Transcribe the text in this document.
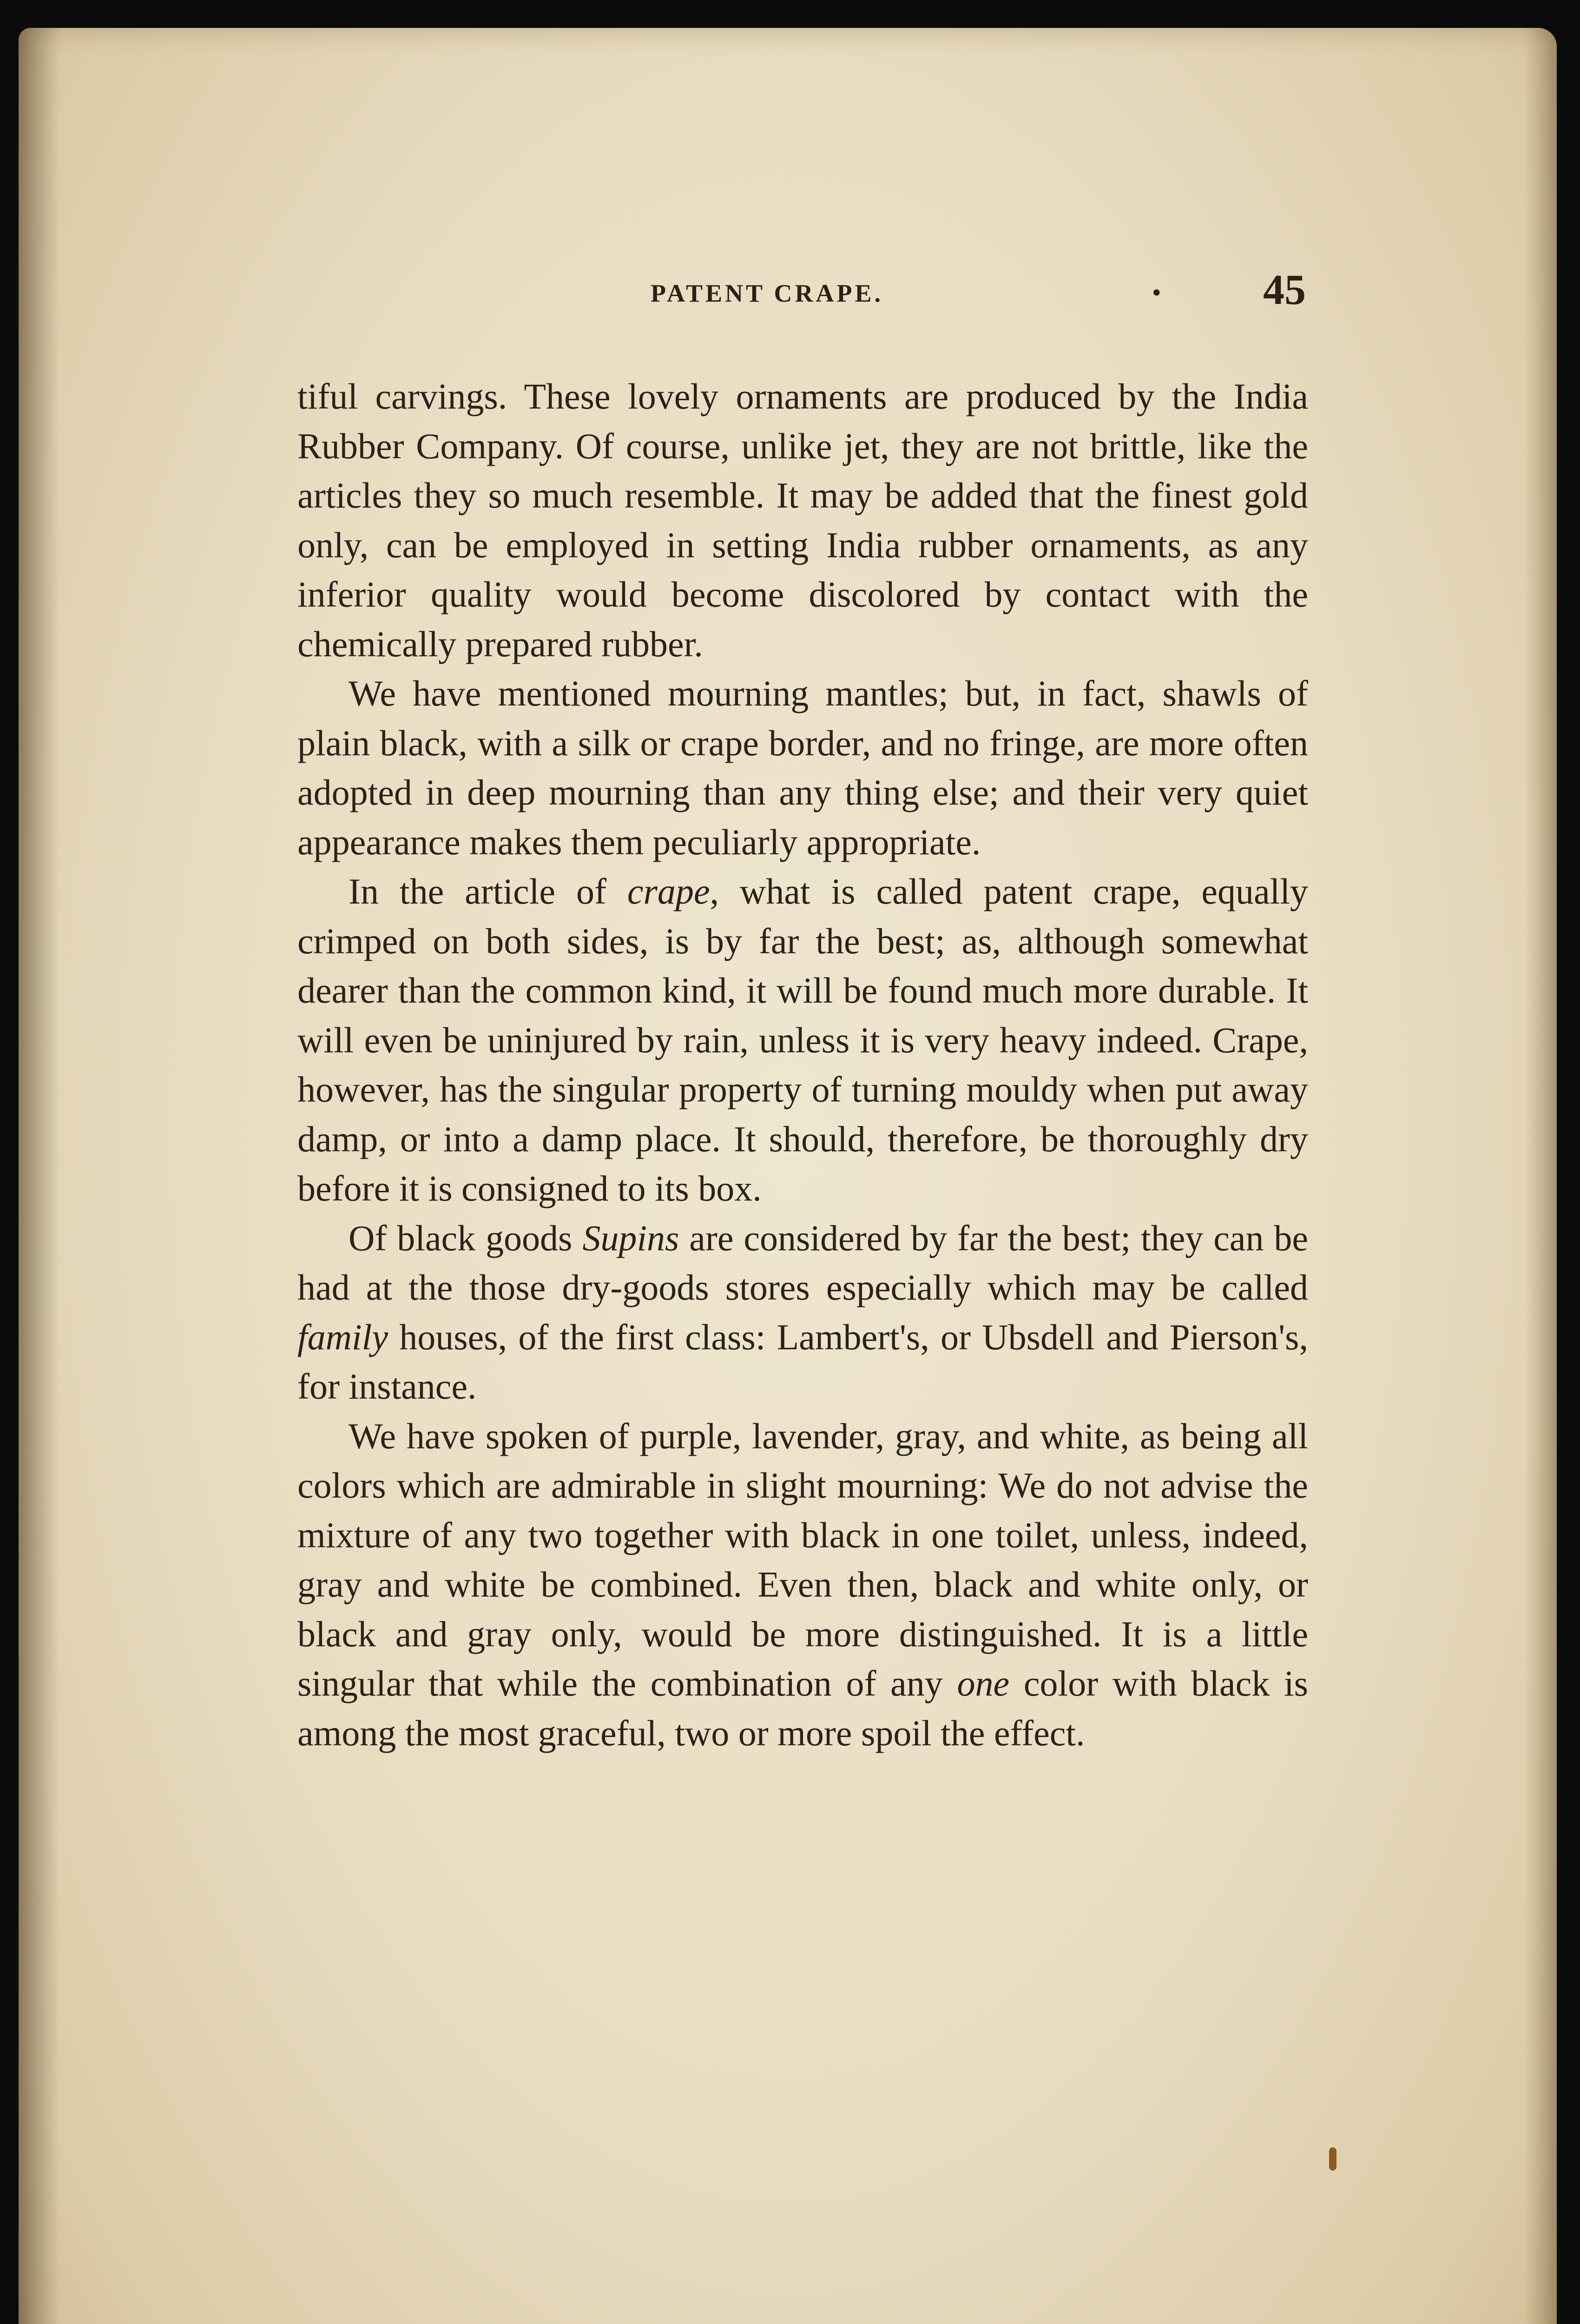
PATENT CRAPE.	• 45

tiful carvings. These lovely ornaments are produced by the India Rubber Company. Of course, unlike jet, they are not brittle, like the articles they so much resemble. It may be added that the finest gold only, can be employed in setting India rubber ornaments, as any inferior quality would become discolored by contact with the chemically prepared rubber.

We have mentioned mourning mantles; but, in fact, shawls of plain black, with a silk or crape border, and no fringe, are more often adopted in deep mourning than any thing else; and their very quiet appearance makes them peculiarly appropriate.

In the article of crape, what is called patent crape, equally crimped on both sides, is by far the best; as, although somewhat dearer than the common kind, it will be found much more durable. It will even be uninjured by rain, unless it is very heavy indeed. Crape, however, has the singular property of turning mouldy when put away damp, or into a damp place. It should, therefore, be thoroughly dry before it is consigned to its box.

Of black goods Supins are considered by far the best; they can be had at the those dry-goods stores especially which may be called family houses, of the first class: Lambert's, or Ubsdell and Pierson's, for instance.

We have spoken of purple, lavender, gray, and white, as being all colors which are admirable in slight mourning: We do not advise the mixture of any two together with black in one toilet, unless, indeed, gray and white be combined. Even then, black and white only, or black and gray only, would be more distinguished. It is a little singular that while the combination of any one color with black is among the most graceful, two or more spoil the effect.
